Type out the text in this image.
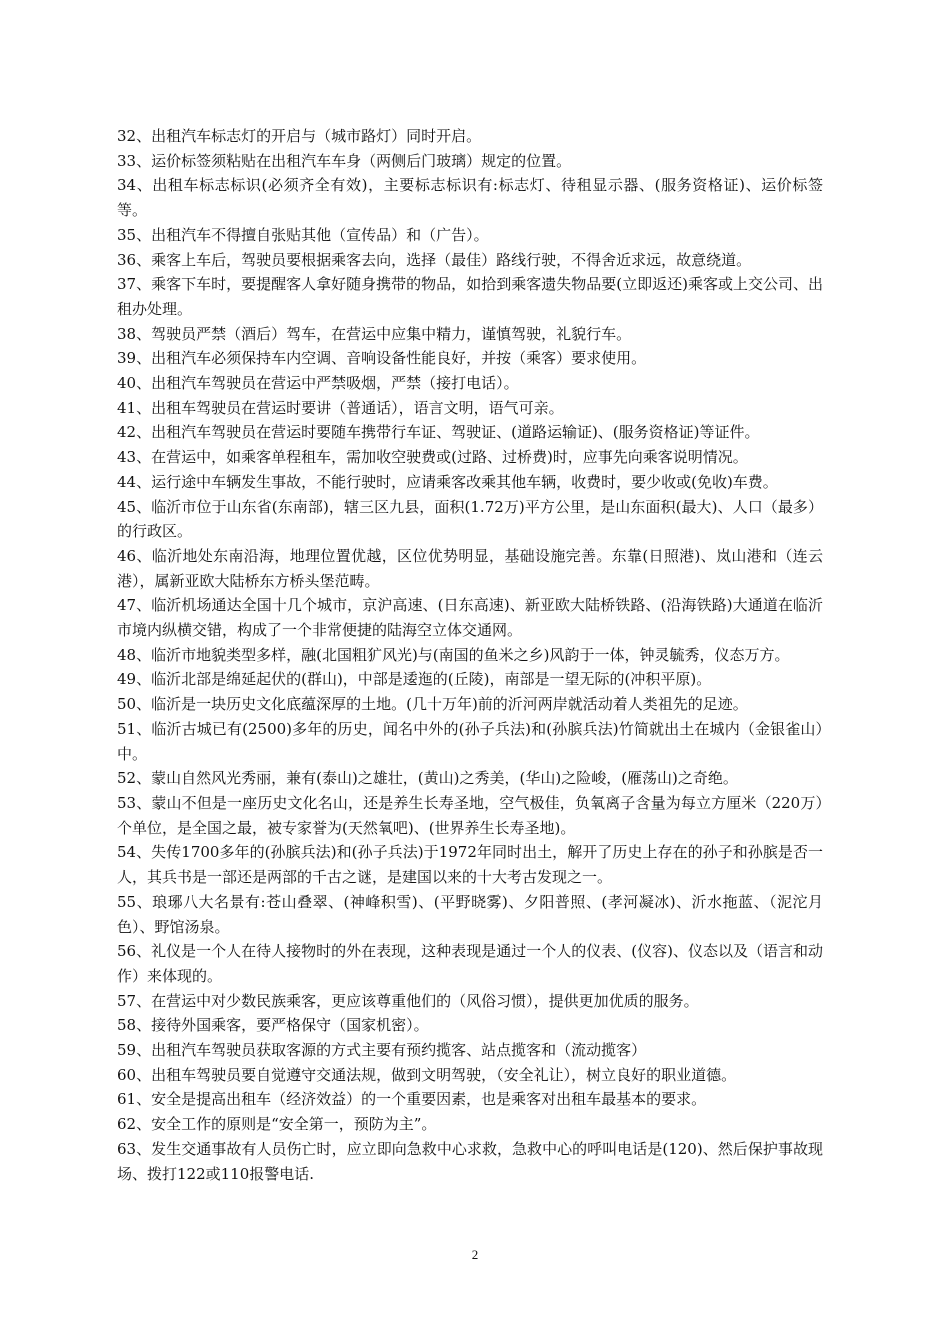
32、出租汽车标志灯的开启与（城市路灯）同时开启。

33、运价标签须粘贴在出租汽车车身（两侧后门玻璃）规定的位置。

34、出租车标志标识(必须齐全有效)，主要标志标识有:标志灯、待租显示器、(服务资格证)、运价标签等。

35、出租汽车不得擅自张贴其他（宣传品）和（广告）。

36、乘客上车后，驾驶员要根据乘客去向，选择（最佳）路线行驶，不得舍近求远，故意绕道。

37、乘客下车时，要提醒客人拿好随身携带的物品，如拾到乘客遗失物品要(立即返还)乘客或上交公司、出租办处理。

38、驾驶员严禁（酒后）驾车，在营运中应集中精力，谨慎驾驶，礼貌行车。

39、出租汽车必须保持车内空调、音响设备性能良好，并按（乘客）要求使用。

40、出租汽车驾驶员在营运中严禁吸烟，严禁（接打电话）。

41、出租车驾驶员在营运时要讲（普通话），语言文明，语气可亲。

42、出租汽车驾驶员在营运时要随车携带行车证、驾驶证、(道路运输证)、(服务资格证)等证件。

43、在营运中，如乘客单程租车，需加收空驶费或(过路、过桥费)时，应事先向乘客说明情况。

44、运行途中车辆发生事故，不能行驶时，应请乘客改乘其他车辆，收费时，要少收或(免收)车费。

45、临沂市位于山东省(东南部)，辖三区九县，面积(1.72万)平方公里，是山东面积(最大)、人口（最多）的行政区。

46、临沂地处东南沿海，地理位置优越，区位优势明显，基础设施完善。东靠(日照港)、岚山港和（连云港），属新亚欧大陆桥东方桥头堡范畴。

47、临沂机场通达全国十几个城市，京沪高速、(日东高速)、新亚欧大陆桥铁路、(沿海铁路)大通道在临沂市境内纵横交错，构成了一个非常便捷的陆海空立体交通网。

48、临沂市地貌类型多样，融(北国粗犷风光)与(南国的鱼米之乡)风韵于一体，钟灵毓秀，仪态万方。

49、临沂北部是绵延起伏的(群山)，中部是逶迤的(丘陵)，南部是一望无际的(冲积平原)。

50、临沂是一块历史文化底蕴深厚的土地。(几十万年)前的沂河两岸就活动着人类祖先的足迹。

51、临沂古城已有(2500)多年的历史，闻名中外的(孙子兵法)和(孙膑兵法)竹简就出土在城内（金银雀山）中。

52、蒙山自然风光秀丽，兼有(泰山)之雄壮，(黄山)之秀美，(华山)之险峻，(雁荡山)之奇绝。

53、蒙山不但是一座历史文化名山，还是养生长寿圣地，空气极佳，负氧离子含量为每立方厘米（220万）个单位，是全国之最，被专家誉为(天然氧吧)、(世界养生长寿圣地)。

54、失传1700多年的(孙膑兵法)和(孙子兵法)于1972年同时出土，解开了历史上存在的孙子和孙膑是否一人，其兵书是一部还是两部的千古之谜，是建国以来的十大考古发现之一。

55、琅琊八大名景有:苍山叠翠、(神峰积雪)、(平野晓雾)、夕阳普照、(孝河凝冰)、沂水拖蓝、（泥沱月色）、野馆汤泉。

56、礼仪是一个人在待人接物时的外在表现，这种表现是通过一个人的仪表、(仪容)、仪态以及（语言和动作）来体现的。

57、在营运中对少数民族乘客，更应该尊重他们的（风俗习惯），提供更加优质的服务。

58、接待外国乘客，要严格保守（国家机密）。

59、出租汽车驾驶员获取客源的方式主要有预约揽客、站点揽客和（流动揽客）

60、出租车驾驶员要自觉遵守交通法规，做到文明驾驶，（安全礼让），树立良好的职业道德。

61、安全是提高出租车（经济效益）的一个重要因素，也是乘客对出租车最基本的要求。

62、安全工作的原则是“安全第一，预防为主”。

63、发生交通事故有人员伤亡时，应立即向急救中心求救，急救中心的呼叫电话是(120)、然后保护事故现场、拨打122或110报警电话.

2
